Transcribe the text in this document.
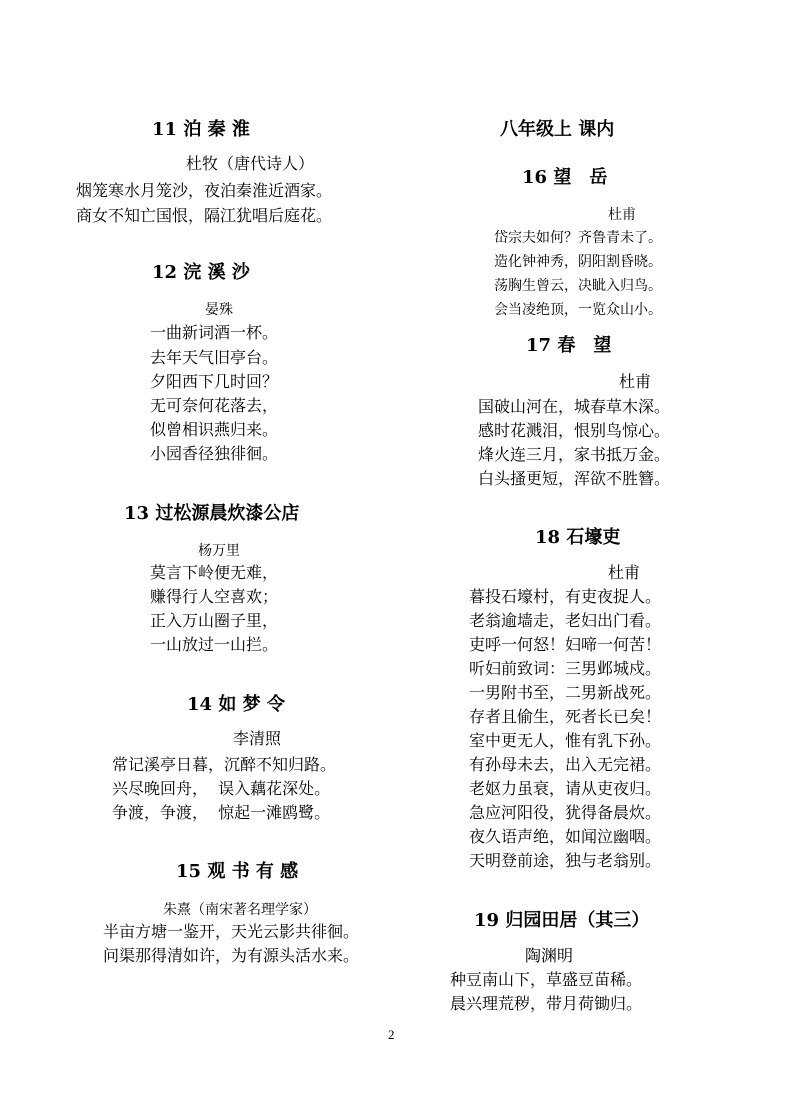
11 泊 秦 淮
杜牧（唐代诗人）
烟笼寒水月笼沙，夜泊秦淮近酒家。
商女不知亡国恨，隔江犹唱后庭花。
12 浣 溪 沙
晏殊
一曲新词酒一杯。
去年天气旧亭台。
夕阳西下几时回？
无可奈何花落去，
似曾相识燕归来。
小园香径独徘徊。
13 过松源晨炊漆公店
杨万里
莫言下岭便无难，
赚得行人空喜欢；
正入万山圈子里，
一山放过一山拦。
14 如 梦 令
李清照
常记溪亭日暮，沉醉不知归路。
兴尽晚回舟，  误入藕花深处。
争渡，争渡，  惊起一滩鸥鹭。
15 观 书 有 感
朱熹（南宋著名理学家）
半亩方塘一鉴开，天光云影共徘徊。
问渠那得清如许，为有源头活水来。
八年级上 课内
16 望　岳
杜甫
岱宗夫如何？齐鲁青未了。
造化钟神秀，阴阳割昏晓。
荡胸生曾云，决眦入归鸟。
会当凌绝顶，一览众山小。
17 春　望
杜甫
国破山河在，城春草木深。
感时花溅泪，恨别鸟惊心。
烽火连三月，家书抵万金。
白头搔更短，浑欲不胜簪。
18 石壕吏
杜甫
暮投石壕村，有吏夜捉人。
老翁逾墙走，老妇出门看。
吏呼一何怒！妇啼一何苦！
听妇前致词：三男邺城戍。
一男附书至，二男新战死。
存者且偷生，死者长已矣！
室中更无人，惟有乳下孙。
有孙母未去，出入无完裙。
老妪力虽衰，请从吏夜归。
急应河阳役，犹得备晨炊。
夜久语声绝，如闻泣幽咽。
天明登前途，独与老翁别。
19 归园田居（其三）
陶渊明
种豆南山下，草盛豆苗稀。
晨兴理荒秽，带月荷锄归。
2
